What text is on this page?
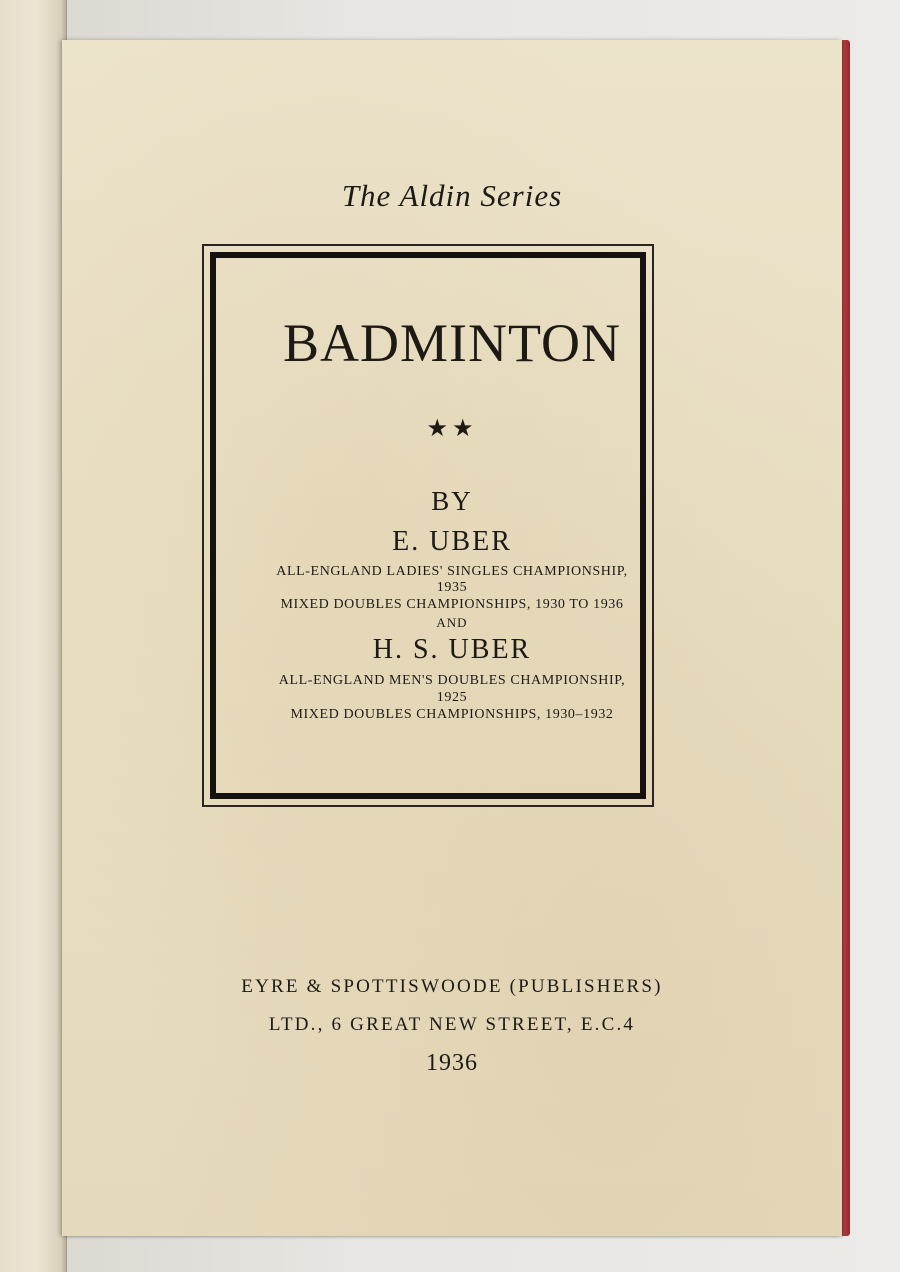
The Aldin Series
BADMINTON
★★
BY
E. UBER
ALL-ENGLAND LADIES' SINGLES CHAMPIONSHIP,
1935
MIXED DOUBLES CHAMPIONSHIPS, 1930 TO 1936
AND
H. S. UBER
ALL-ENGLAND MEN'S DOUBLES CHAMPIONSHIP,
1925
MIXED DOUBLES CHAMPIONSHIPS, 1930–1932
EYRE & SPOTTISWOODE (PUBLISHERS)
LTD., 6 GREAT NEW STREET, E.C.4
1936
